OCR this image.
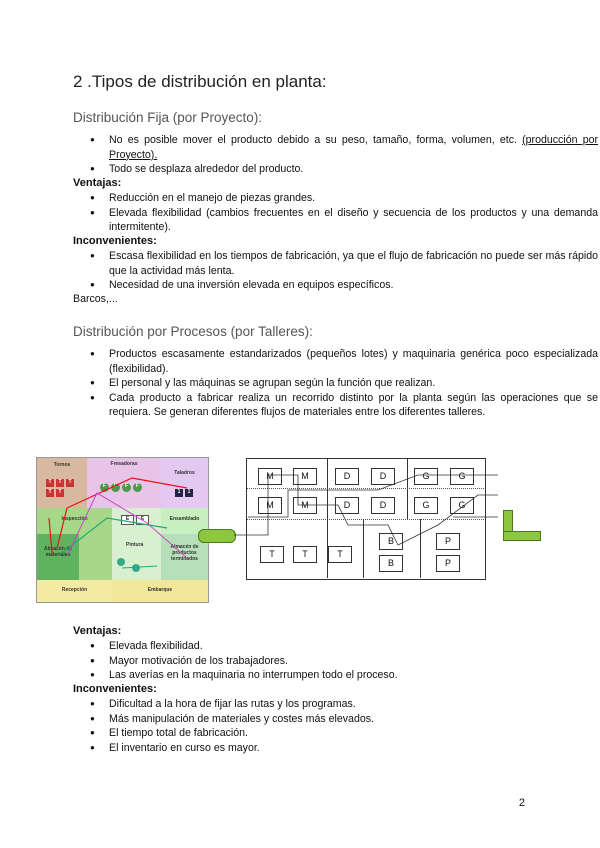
2 .Tipos de distribución en planta:
Distribución Fija (por Proyecto):
● No es posible mover el producto debido a su peso, tamaño, forma, volumen, etc. (producción por Proyecto).
● Todo se desplaza alrededor del producto.
Ventajas:
● Reducción en el manejo de piezas grandes.
● Elevada flexibilidad (cambios frecuentes en el diseño y secuencia de los productos y una demanda intermitente).
Inconvenientes:
● Escasa flexibilidad en los tiempos de fabricación, ya que el flujo de fabricación no puede ser más rápido que la actividad más lenta.
● Necesidad de una inversión elevada en equipos específicos.
Barcos,...
Distribución por Procesos (por Talleres):
● Productos escasamente estandarizados (pequeños lotes) y maquinaria genérica poco especializada (flexibilidad).
● El personal y las máquinas se agrupan según la función que realizan.
● Cada producto a fabricar realiza un recorrido distinto por la planta según las operaciones que se requiera. Se generan diferentes flujos de materiales entre los diferentes talleres.
Tornos
T T T
T T
Fresadoras
F F F F
Taladros
1 1
Inspección	E E
Pintura
Ensamblado
Almacén de materiales
Almacén de productos terminados
Recepción	Embarque
M	M	D	D	G	G
M	M	D	D	G	G
T	T	T
B
B
P
P
Ventajas:
● Elevada flexibilidad.
● Mayor motivación de los trabajadores.
● Las averías en la maquinaria no interrumpen todo el proceso.
Inconvenientes:
● Dificultad a la hora de fijar las rutas y los programas.
● Más manipulación de materiales y costes más elevados.
● El tiempo total de fabricación.
● El inventario en curso es mayor.
2
